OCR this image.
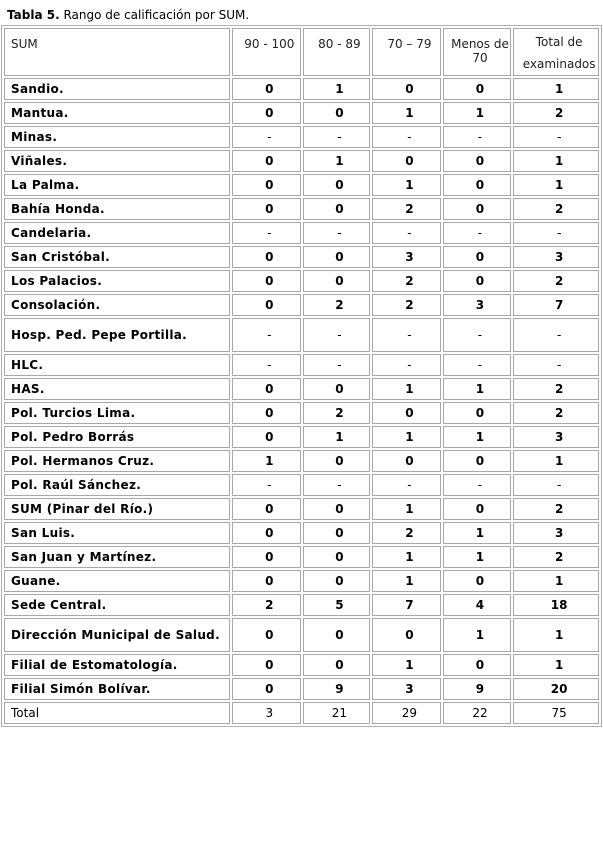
Tabla 5. Rango de calificación por SUM.
SUM	90 - 100	80 - 89	70 – 79	Menos de 70	Total de examinados
Sandio.	0	1	0	0	1
Mantua.	0	0	1	1	2
Minas.	-	-	-	-	-
Viñales.	0	1	0	0	1
La Palma.	0	0	1	0	1
Bahía Honda.	0	0	2	0	2
Candelaria.	-	-	-	-	-
San Cristóbal.	0	0	3	0	3
Los Palacios.	0	0	2	0	2
Consolación.	0	2	2	3	7
Hosp. Ped. Pepe Portilla.	-	-	-	-	-
HLC.	-	-	-	-	-
HAS.	0	0	1	1	2
Pol. Turcios Lima.	0	2	0	0	2
Pol. Pedro Borrás	0	1	1	1	3
Pol. Hermanos Cruz.	1	0	0	0	1
Pol. Raúl Sánchez.	-	-	-	-	-
SUM (Pinar del Río.)	0	0	1	0	2
San Luis.	0	0	2	1	3
San Juan y Martínez.	0	0	1	1	2
Guane.	0	0	1	0	1
Sede Central.	2	5	7	4	18
Dirección Municipal de Salud.	0	0	0	1	1
Filial de Estomatología.	0	0	1	0	1
Filial Simón Bolívar.	0	9	3	9	20
Total	3	21	29	22	75
